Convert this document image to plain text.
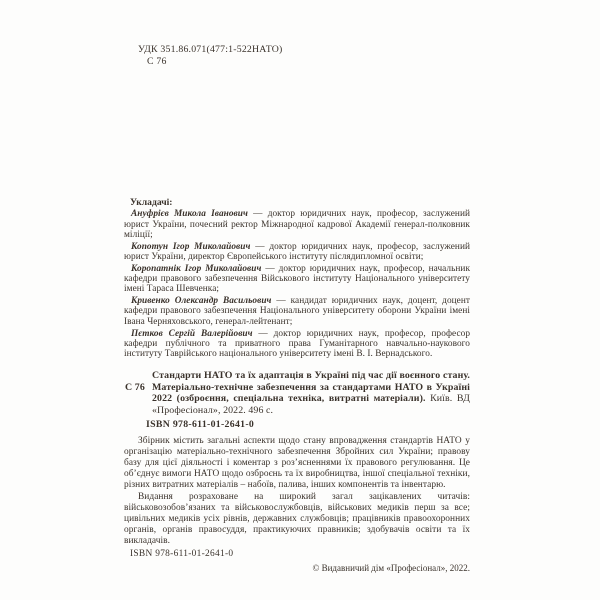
УДК 351.86.071(477:1-522НАТО)

С 76

Укладачі:

Ануфрієв Микола Іванович — доктор юридичних наук, професор, заслужений юрист України, почесний ректор Міжнародної кадрової Академії генерал-полковник міліції;

Копотун Ігор Миколайович — доктор юридичних наук, професор, заслужений юрист України, директор Європейського інституту післядипломної освіти;

Коропатнік Ігор Миколайович — доктор юридичних наук, професор, начальник кафедри правового забезпечення Військового інституту Національного університету імені Тараса Шевченка;

Кривенко Олександр Васильович — кандидат юридичних наук, доцент, доцент кафедри правового забезпечення Національного університету оборони України імені Івана Черняховського, генерал-лейтенант;

Пєтков Сергій Валерійович — доктор юридичних наук, професор, професор кафедри публічного та приватного права Гуманітарного навчально-наукового інституту Таврійського національного університету імені В. І. Вернадського.

С 76
Стандарти НАТО та їх адаптація в Україні під час дії воєнного стану. Матеріально-технічне забезпечення за стандартами НАТО в Україні 2022 (озброєння, спеціальна техніка, витратні матеріали). Київ. ВД «Професіонал», 2022. 496 с.

ISBN 978-611-01-2641-0

Збірник містить загальні аспекти щодо стану впровадження стандартів НАТО у організацію матеріально-технічного забезпечення Збройних сил України; правову базу для цієї діяльності і коментар з роз’ясненнями їх правового регулювання. Це об’єднує вимоги НАТО щодо озброєнь та їх виробництва, іншої спеціальної техніки, різних витратних матеріалів – набоїв, палива, інших компонентів та інвентарю.

Видання розраховане на широкий загал зацікавлених читачів: військовозобов’язаних та військовослужбовців, військових медиків перш за все; цивільних медиків усіх рівнів, державних службовців; працівників правоохоронних органів, органів правосуддя, практикуючих правників; здобувачів освіти та їх викладачів.

ISBN 978-611-01-2641-0

© Видавничий дім «Професіонал», 2022.
